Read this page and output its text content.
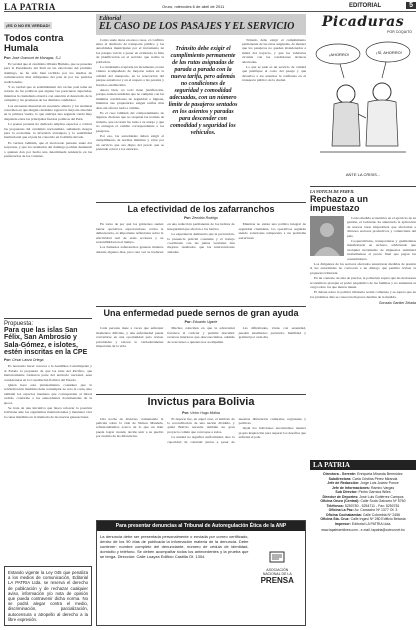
LA PATRIA	Oruro, miércoles 6 de abril de 2011	EDITORIAL	5
¡ES O NO ES VERDAD!
Todos contra Humala
Por: José Gramunt de Moragas, S.J.

Es verdad que el candidato Ollanta Humala, que se presenta para la Presidencia del Perú en las elecciones del próximo domingo, no ha sido bien recibido por los medios de comunicación más influyentes del país ni por los partidos tradicionales.

Y es verdad que el establishment del vecino país teme un retorno de las políticas que alguna vez parecieron superadas, mientras la ciudadanía observa con atención el desarrollo de la campaña y las promesas de los distintos candidatos.

Las encuestas muestran un escenario abierto y los analistas coinciden en que ningún candidato logrará la mayoría absoluta en la primera vuelta, lo que anticipa una segunda ronda muy disputada entre las principales fuerzas políticas del Perú.

La prensa peruana ha dedicado amplios espacios a criticar las propuestas del candidato nacionalista, señalando riesgos para la economía, la inversión extranjera y la estabilidad institucional que el país ha conocido en la última década.

Es verdad, también, que el electorado peruano suele dar sorpresas, y que los resultados del domingo podrían desmentir a quienes dan por hecha una determinada tendencia en las preferencias de los votantes.

Propuesta:
Para que las islas San Félix, San Ambrosio y Sala-Gómez, e islotes, estén inscritas en la CPE
Por: César Lanza Ortega

Es necesario hacer conocer a la Asamblea Constituyente y al Estado la propuesta de que las islas del Pacífico, que históricamente formaron parte del territorio nacional, sean consideradas en la Constitución Política del Estado.

Quien hace este planteamiento considera que la reivindicación marítima debe contemplar no solo la costa, sino también los espacios insulares que corresponden al litoral cedido, conforme a los antecedentes documentales de la época.

Se trata de una iniciativa que busca reforzar la posición boliviana ante los organismos internacionales y mantener viva la causa marítima en la memoria de las nuevas generaciones.

Estando vigente la Ley 045 que penaliza a los medios de comunicación, Editorial LA PATRIA Ltda. se reserva el derecho de publicación y de rechazar cualquier aviso, información y/o nota de opinión que pueda contravenir dicha norma. No se podrá alegar contra el medio, discriminación, parcialización, autocensura o atropello al derecho a la libre expresión.
Editorial
EL CASO DE LOS PASAJES Y EL SERVICIO

Como suele darse en estos casos, el conflicto entre el sindicato de transporte público y las autoridades municipales por el incremento de los pasajes volvió a poner en evidencia la falta de planificación en el servicio que recibe la población.

La ciudadanía aceptaría un incremento si este viniera acompañado de mejoras reales en la calidad del transporte, en la renovación del parque automotor y en el respeto a las paradas y horarios establecidos.

Ahora bien, no todo tiene justificación, porque existen unidades que no cumplen con las mínimas condiciones de seguridad e higiene, mientras sus propietarios exigen tarifas más altas sin ofrecer nada a cambio.

Es el caso también del comportamiento de algunos choferes que no respetan las normas de tránsito, que recortan las rutas a su antojo y que no entregan el cambio correspondiente a los pasajeros.

Por eso, las autoridades deben exigir el cumplimiento de normas mínimas y velar por un servicio que sea digno del precio que se pretende cobrar a los usuarios.

Tránsito debe exigir el cumplimiento permanente de las rutas asignadas de parada a parada con la nueva tarifa, pero además no condiciones de seguridad y comodidad adecuadas, con un número límite de pasajeros sentados en los asientos y paradas para descender con comodidad y seguridad los vehículos.

Tránsito debe exigir el cumplimiento permanente de las rutas asignadas, de manera que los pasajeros no queden abandonados a mitad del trayecto, y que los vehículos circulen con las condiciones técnicas adecuadas.

Lo que se pide es un servicio de calidad que justifique el costo del pasaje y que devuelva a los usuarios la confianza en el transporte público de la ciudad.

La efectividad de los zafarranchos
Por: Zenobio Rodrigo

En torno de por qué los gobiernos suelen lanzar operativos espectaculares contra la delincuencia, es importante reflexionar sobre la efectividad real de estas acciones y su sostenibilidad en el tiempo.

Los llamados zafarranchos generan titulares durante algunos días, pero rara vez se traducen en una reducción permanente de los índices de inseguridad que afectan a los barrios.

La experiencia demuestra que la prevención, la presencia policial constante y el trabajo coordinado con las juntas vecinales dan mejores resultados que las intervenciones aisladas.

Mientras no exista una política integral de seguridad ciudadana, los operativos seguirán siendo soluciones temporales a un problema estructural.

Una enfermedad puede sernos de gran ayuda
Por: Eduardo Ugarte

Cada persona tiene a veces que enfrentar momentos difíciles, y una enfermedad puede convertirse en una oportunidad para revisar prioridades y valorar lo verdaderamente importante de la vida.

Muchos coinciden en que la adversidad fortalece el carácter y permite descubrir recursos interiores que desconocíamos, además de acercarnos a quienes nos acompañan.

Las dificultades, vistas con serenidad, pueden enseñarnos paciencia, humildad y gratitud por cada día.

Invictus para Bolivia
Por: Víctor Hugo Molina

Una noche de invierno, comentando la película sobre la vida de Nelson Mandela, reflexionábamos acerca de lo que un líder puede lograr cuando decide unir a su pueblo por encima de las diferencias.

El deporte fue, en aquel caso, el símbolo de la reconciliación de una nación dividida, y quizá Bolivia necesite también un gran proyecto común que convoque a todos.

La unidad no significa uniformidad, sino la capacidad de construir juntos a pesar de nuestras diferencias culturales, regionales y políticas.

Ojalá los bolivianos encontremos nuestra propia inspiración para superar los desafíos que enfrenta el país.

Para presentar denuncias al Tribunal de Autoregulación Ética de la ANP
La denuncia debe ser presentada personalmente o enviada por correo certificado, dentro de los 90 días de publicada la información materia de la denuncia. Debe contener: nombre completo del denunciante, número de cédula de identidad, domicilio y teléfono. Se deben acompañar todos los antecedentes y la prueba que se tenga. Dirección: Calle Loayza Edificio Castilla Of. 1304.
ASOCIACIÓN
NACIONAL DE LA
PRENSA
Picaduras
POR COQUITO
¡AHORRO!	¡SÍ, AHORRO!
ANTE LA CRISIS...
LA NOTICIA DE PERFIL
Rechazo a un impuestazo

Como medida económica en el ejercicio de su gestión, el Gobierno ha anunciado la aplicación de nuevas tasas impositivas que afectarían a diversos sectores productivos y comerciales del país.

Cooperativistas, transportistas y gremialistas manifestaron su rechazo, advirtiendo que cualquier incremento de impuestos terminará trasladándose al precio final que pagan los consumidores.

Los dirigentes de los sectores afectados anunciaron medidas de presión si las autoridades no convocan a un diálogo que permita revisar la propuesta tributaria.

En un contexto de alza de precios, la población espera que las decisiones económicas protejan el poder adquisitivo de las familias y no aumenten la carga sobre los que menos tienen.

El debate sobre la política tributaria recién comienza y se espera que en los próximos días se conozcan mayores detalles de la medida.

Gonzalo Gantier Zelada
LA PATRIA
Directora - Gerente: Enriqueta Miranda Bermúdez
Subdirectora: Carla Cristina Pérez Miranda
Jefe de Redacción: Jorge Luis Juárez Ponce
Jefe de Informaciones: Ramiro Vargas
Sub Director: Pedro Garnica Wiles
Director de Deportes: José Luis Gutiérrez Campos
Oficina Oruro (Central): Calle Soria Galvarro Nº 5760
Teléfonos: 5250780 - 5254711 - Fax: 5250781
Oficina La Paz: Av. Camacho Nº 1377 Of. 3
Oficina Cochabamba: Calle Colombia Nº 2456
Oficina Sta. Cruz: Calle Ingavi Nº 280 Edificio Betania
Impresor: Editorial LA PATRIA Ltda.
www.lapatriaenlinea.com - e-mail: lapatria@coteor.net.bo
